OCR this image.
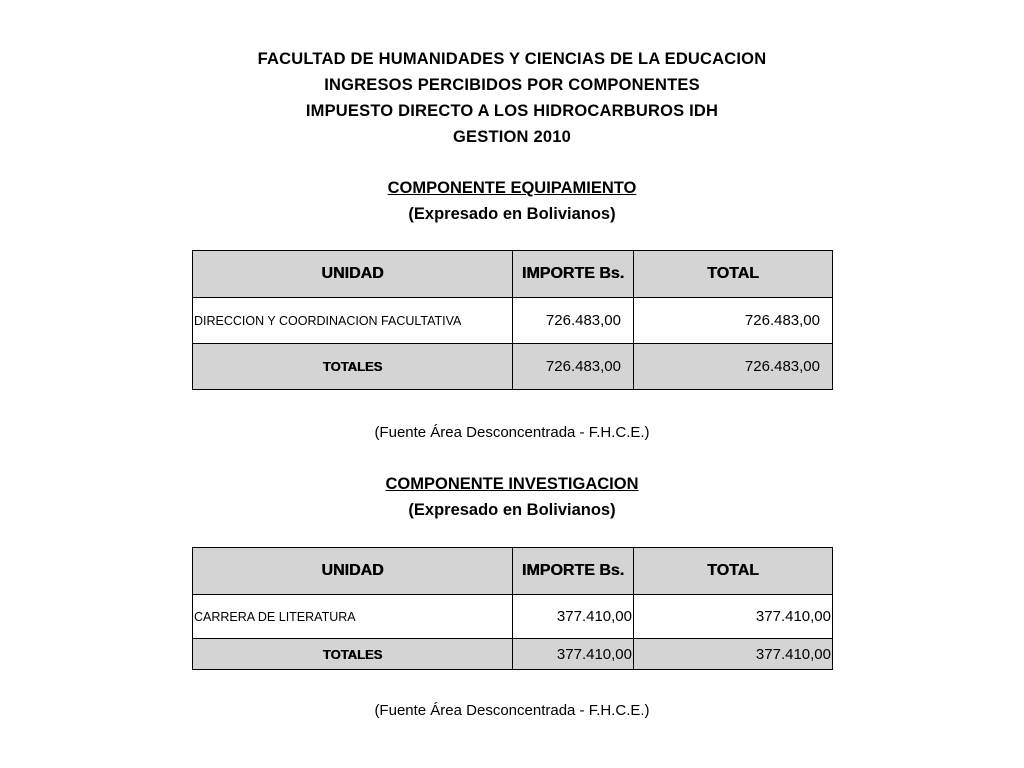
FACULTAD DE HUMANIDADES Y CIENCIAS DE LA EDUCACION
INGRESOS PERCIBIDOS POR COMPONENTES
IMPUESTO DIRECTO A LOS HIDROCARBUROS IDH
GESTION 2010
COMPONENTE EQUIPAMIENTO
(Expresado en Bolivianos)
UNIDAD	IMPORTE Bs.	TOTAL
DIRECCION Y COORDINACION FACULTATIVA	726.483,00	726.483,00
TOTALES	726.483,00	726.483,00
(Fuente Área Desconcentrada - F.H.C.E.)
COMPONENTE INVESTIGACION
(Expresado en Bolivianos)
UNIDAD	IMPORTE Bs.	TOTAL
CARRERA DE LITERATURA	377.410,00	377.410,00
TOTALES	377.410,00	377.410,00
(Fuente Área Desconcentrada - F.H.C.E.)
